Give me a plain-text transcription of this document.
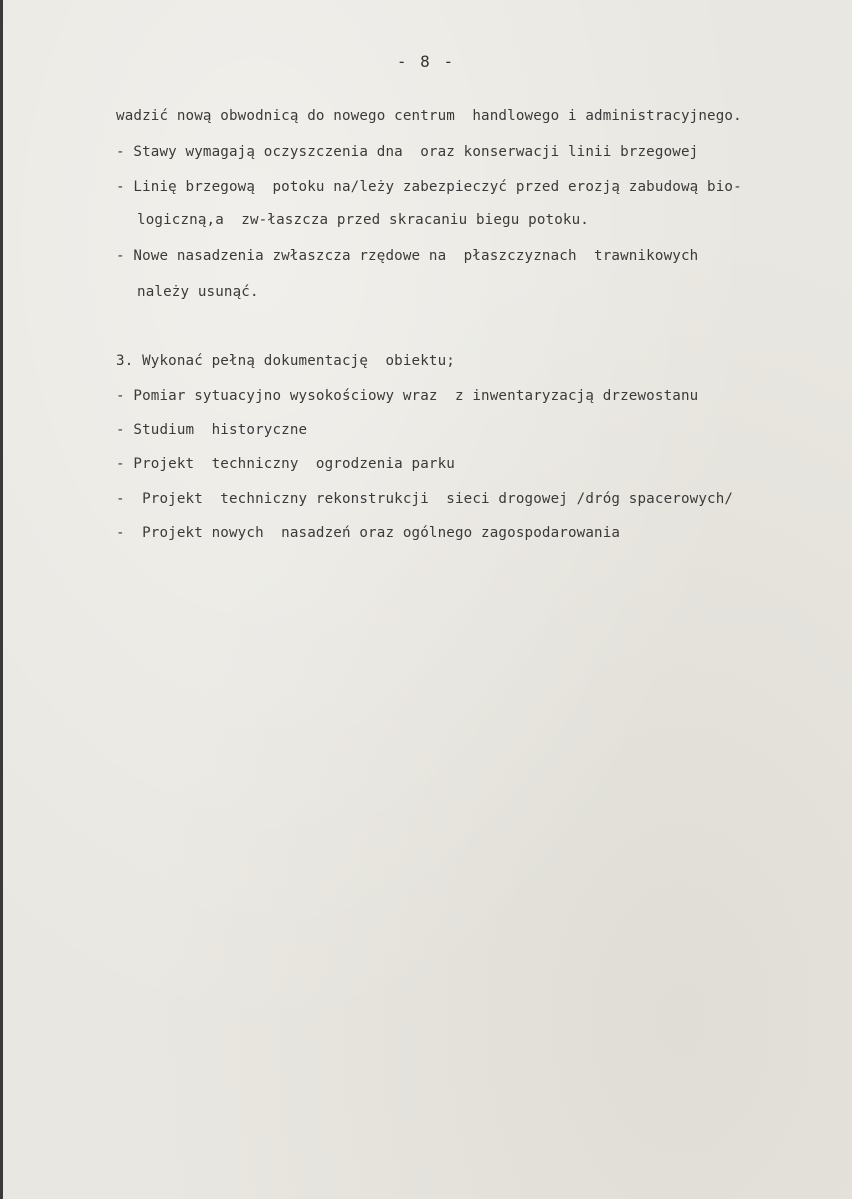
- 8 -
wadzić nową obwodnicą do nowego centrum  handlowego i administracyjnego.
- Stawy wymagają oczyszczenia dna  oraz konserwacji linii brzegowej
- Linię brzegową  potoku na/leży zabezpieczyć przed erozją zabudową bio-
logiczną,a  zw-łaszcza przed skracaniu biegu potoku.
- Nowe nasadzenia zwłaszcza rzędowe na  płaszczyznach  trawnikowych
należy usunąć.
3. Wykonać pełną dokumentację  obiektu;
- Pomiar sytuacyjno wysokościowy wraz  z inwentaryzacją drzewostanu
- Studium  historyczne
- Projekt  techniczny  ogrodzenia parku
-  Projekt  techniczny rekonstrukcji  sieci drogowej /dróg spacerowych/
-  Projekt nowych  nasadzeń oraz ogólnego zagospodarowania
